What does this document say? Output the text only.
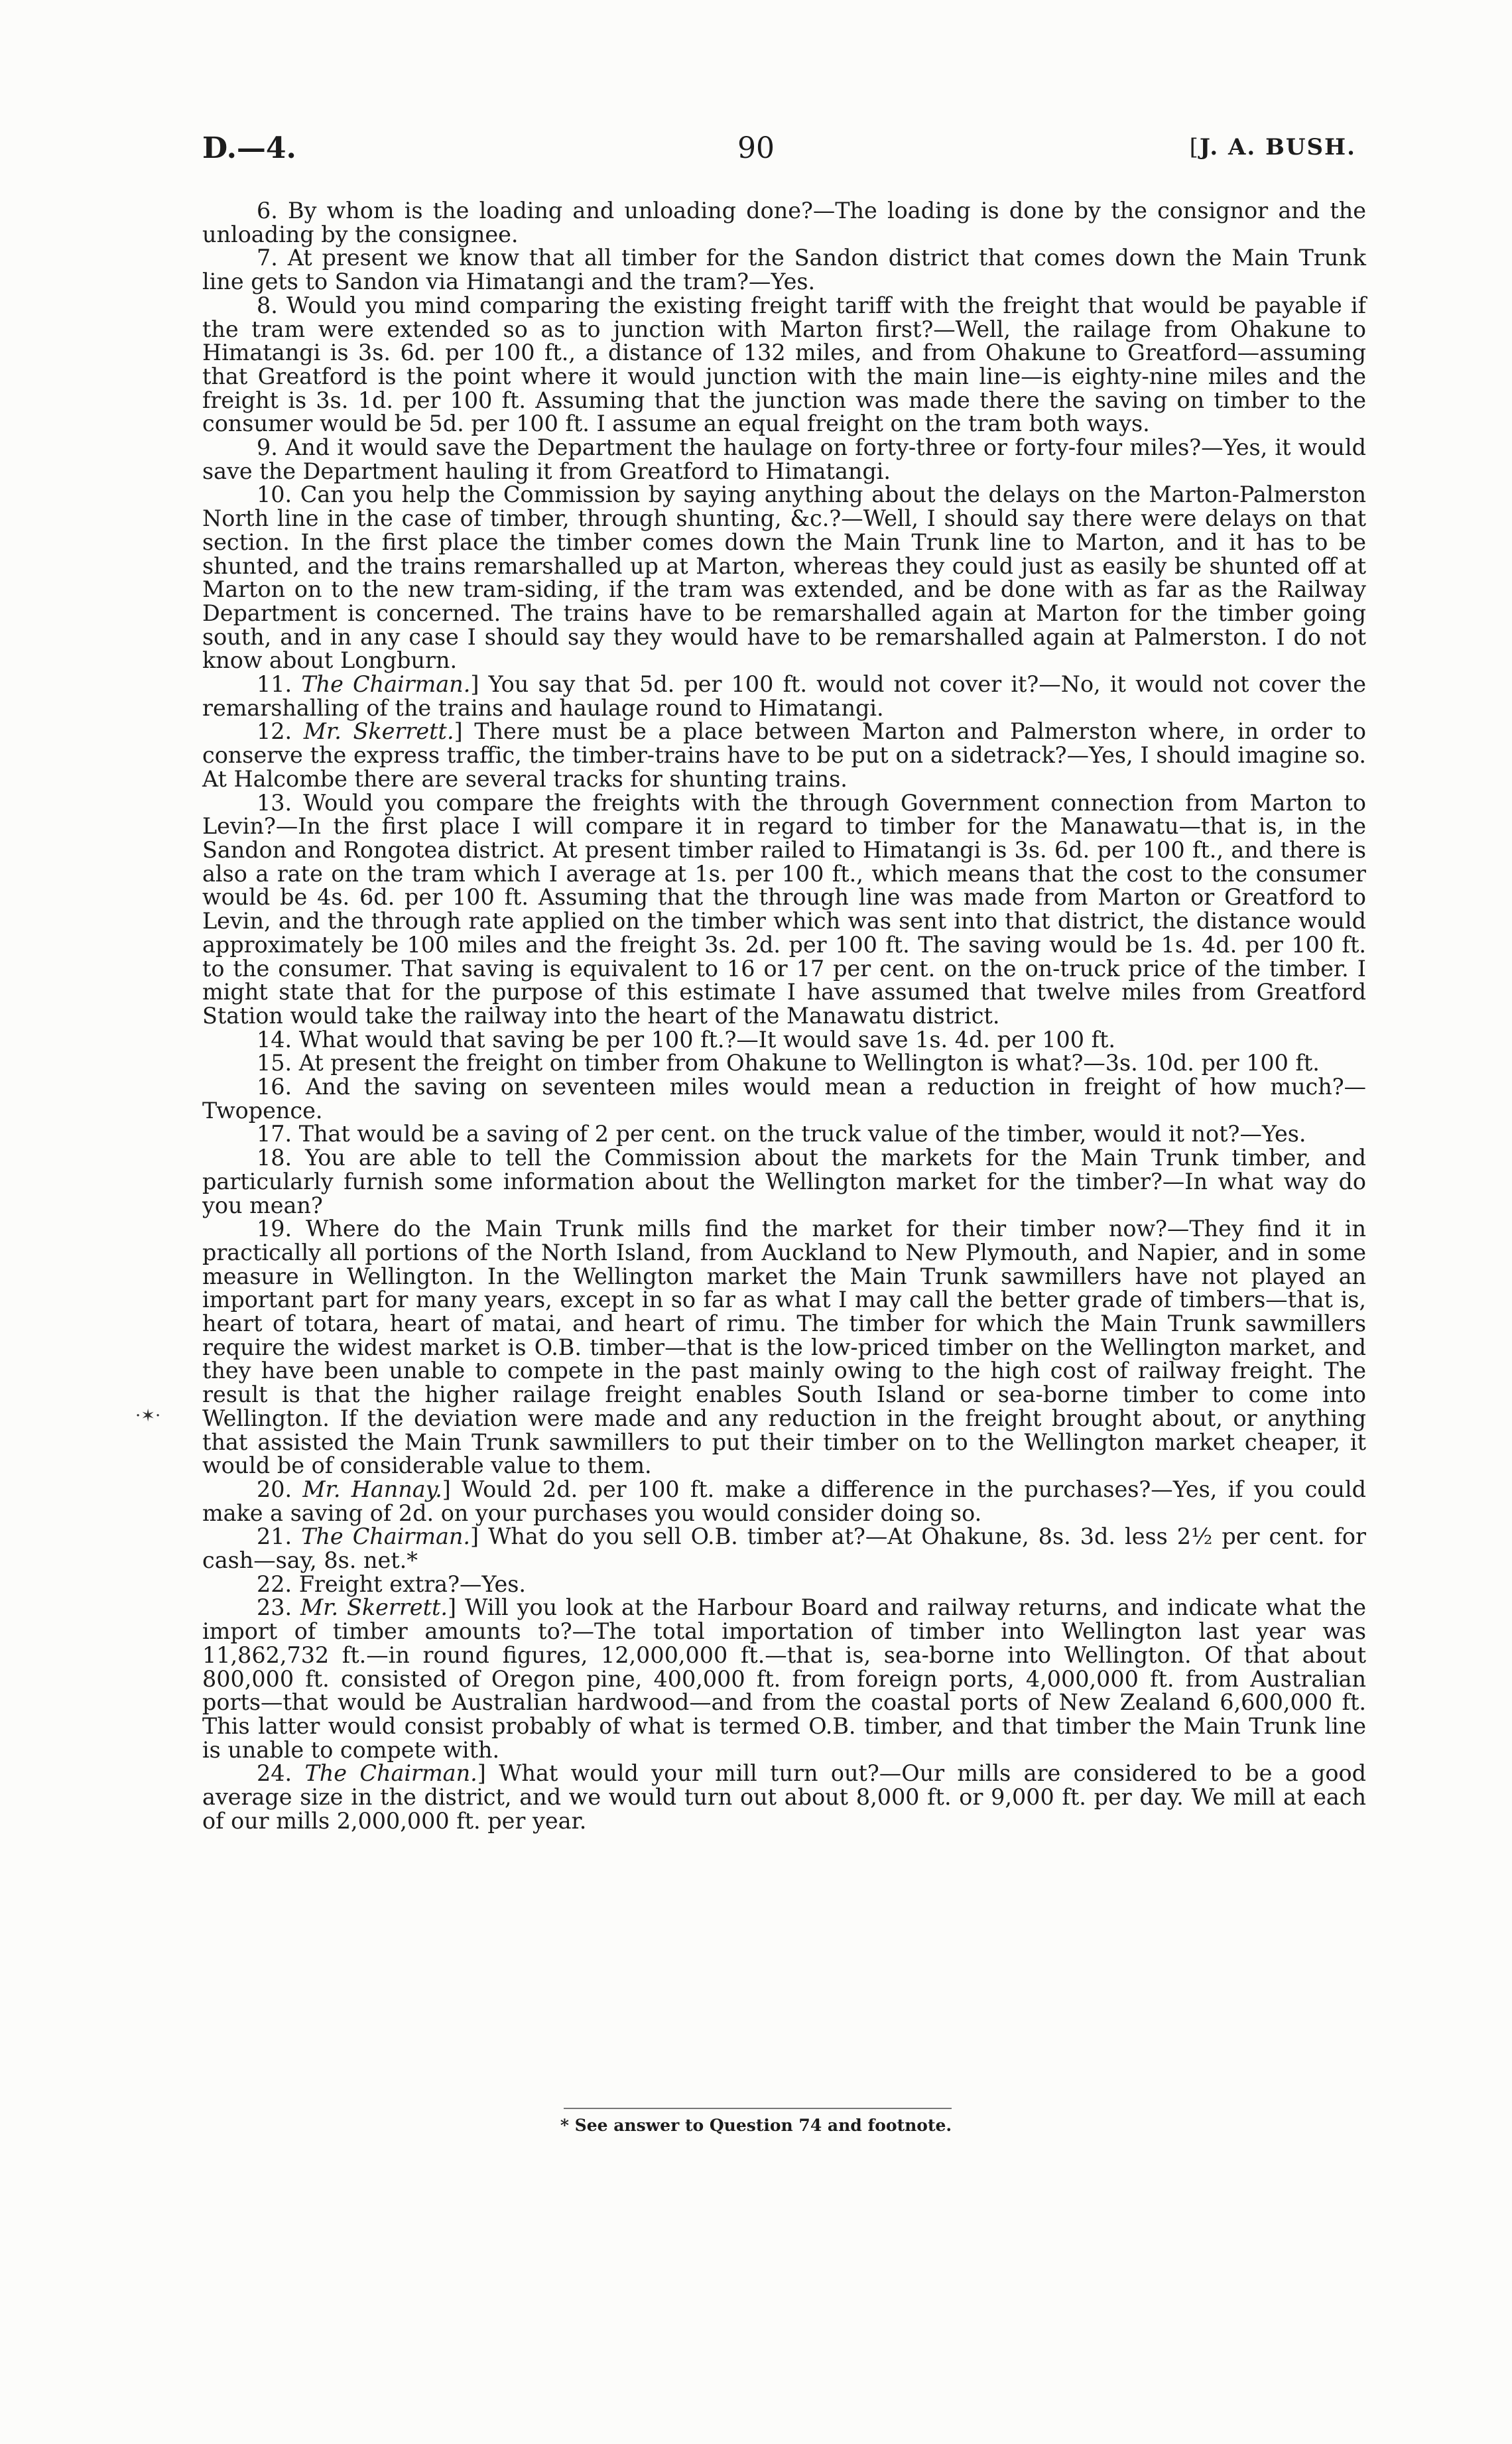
D.—4.	90	[J. A. BUSH.
·✶·

6. By whom is the loading and unloading done?—The loading is done by the consignor and the unloading by the consignee.

7. At present we know that all timber for the Sandon district that comes down the Main Trunk line gets to Sandon via Himatangi and the tram?—Yes.

8. Would you mind comparing the existing freight tariff with the freight that would be payable if the tram were extended so as to junction with Marton first?—Well, the railage from Ohakune to Himatangi is 3s. 6d. per 100 ft., a distance of 132 miles, and from Ohakune to Greatford—assuming that Greatford is the point where it would junction with the main line—is eighty-nine miles and the freight is 3s. 1d. per 100 ft. Assuming that the junction was made there the saving on timber to the consumer would be 5d. per 100 ft. I assume an equal freight on the tram both ways.

9. And it would save the Department the haulage on forty-three or forty-four miles?—Yes, it would save the Department hauling it from Greatford to Himatangi.

10. Can you help the Commission by saying anything about the delays on the Marton-Palmerston North line in the case of timber, through shunting, &c.?—Well, I should say there were delays on that section. In the first place the timber comes down the Main Trunk line to Marton, and it has to be shunted, and the trains remarshalled up at Marton, whereas they could just as easily be shunted off at Marton on to the new tram-siding, if the tram was extended, and be done with as far as the Railway Department is concerned. The trains have to be remarshalled again at Marton for the timber going south, and in any case I should say they would have to be remarshalled again at Palmerston. I do not know about Longburn.

11. The Chairman.] You say that 5d. per 100 ft. would not cover it?—No, it would not cover the remarshalling of the trains and haulage round to Himatangi.

12. Mr. Skerrett.] There must be a place between Marton and Palmerston where, in order to conserve the express traffic, the timber-trains have to be put on a sidetrack?—Yes, I should imagine so. At Halcombe there are several tracks for shunting trains.

13. Would you compare the freights with the through Government connection from Marton to Levin?—In the first place I will compare it in regard to timber for the Manawatu—that is, in the Sandon and Rongotea district. At present timber railed to Himatangi is 3s. 6d. per 100 ft., and there is also a rate on the tram which I average at 1s. per 100 ft., which means that the cost to the consumer would be 4s. 6d. per 100 ft. Assuming that the through line was made from Marton or Greatford to Levin, and the through rate applied on the timber which was sent into that district, the distance would approximately be 100 miles and the freight 3s. 2d. per 100 ft. The saving would be 1s. 4d. per 100 ft. to the consumer. That saving is equivalent to 16 or 17 per cent. on the on-truck price of the timber. I might state that for the purpose of this estimate I have assumed that twelve miles from Greatford Station would take the railway into the heart of the Manawatu district.

14. What would that saving be per 100 ft.?—It would save 1s. 4d. per 100 ft.

15. At present the freight on timber from Ohakune to Wellington is what?—3s. 10d. per 100 ft.

16. And the saving on seventeen miles would mean a reduction in freight of how much?—Twopence.

17. That would be a saving of 2 per cent. on the truck value of the timber, would it not?—Yes.

18. You are able to tell the Commission about the markets for the Main Trunk timber, and particularly furnish some information about the Wellington market for the timber?—In what way do you mean?

19. Where do the Main Trunk mills find the market for their timber now?—They find it in practically all portions of the North Island, from Auckland to New Plymouth, and Napier, and in some measure in Wellington. In the Wellington market the Main Trunk sawmillers have not played an important part for many years, except in so far as what I may call the better grade of timbers—that is, heart of totara, heart of matai, and heart of rimu. The timber for which the Main Trunk sawmillers require the widest market is O.B. timber—that is the low-priced timber on the Wellington market, and they have been unable to compete in the past mainly owing to the high cost of railway freight. The result is that the higher railage freight enables South Island or sea-borne timber to come into Wellington. If the deviation were made and any reduction in the freight brought about, or anything that assisted the Main Trunk sawmillers to put their timber on to the Wellington market cheaper, it would be of considerable value to them.

20. Mr. Hannay.] Would 2d. per 100 ft. make a difference in the purchases?—Yes, if you could make a saving of 2d. on your purchases you would consider doing so.

21. The Chairman.] What do you sell O.B. timber at?—At Ohakune, 8s. 3d. less 2½ per cent. for cash—say, 8s. net.*

22. Freight extra?—Yes.

23. Mr. Skerrett.] Will you look at the Harbour Board and railway returns, and indicate what the import of timber amounts to?—The total importation of timber into Wellington last year was 11,862,732 ft.—in round figures, 12,000,000 ft.—that is, sea-borne into Wellington. Of that about 800,000 ft. consisted of Oregon pine, 400,000 ft. from foreign ports, 4,000,000 ft. from Australian ports—that would be Australian hardwood—and from the coastal ports of New Zealand 6,600,000 ft. This latter would consist probably of what is termed O.B. timber, and that timber the Main Trunk line is unable to compete with.

24. The Chairman.] What would your mill turn out?—Our mills are considered to be a good average size in the district, and we would turn out about 8,000 ft. or 9,000 ft. per day. We mill at each of our mills 2,000,000 ft. per year.

* See answer to Question 74 and footnote.
